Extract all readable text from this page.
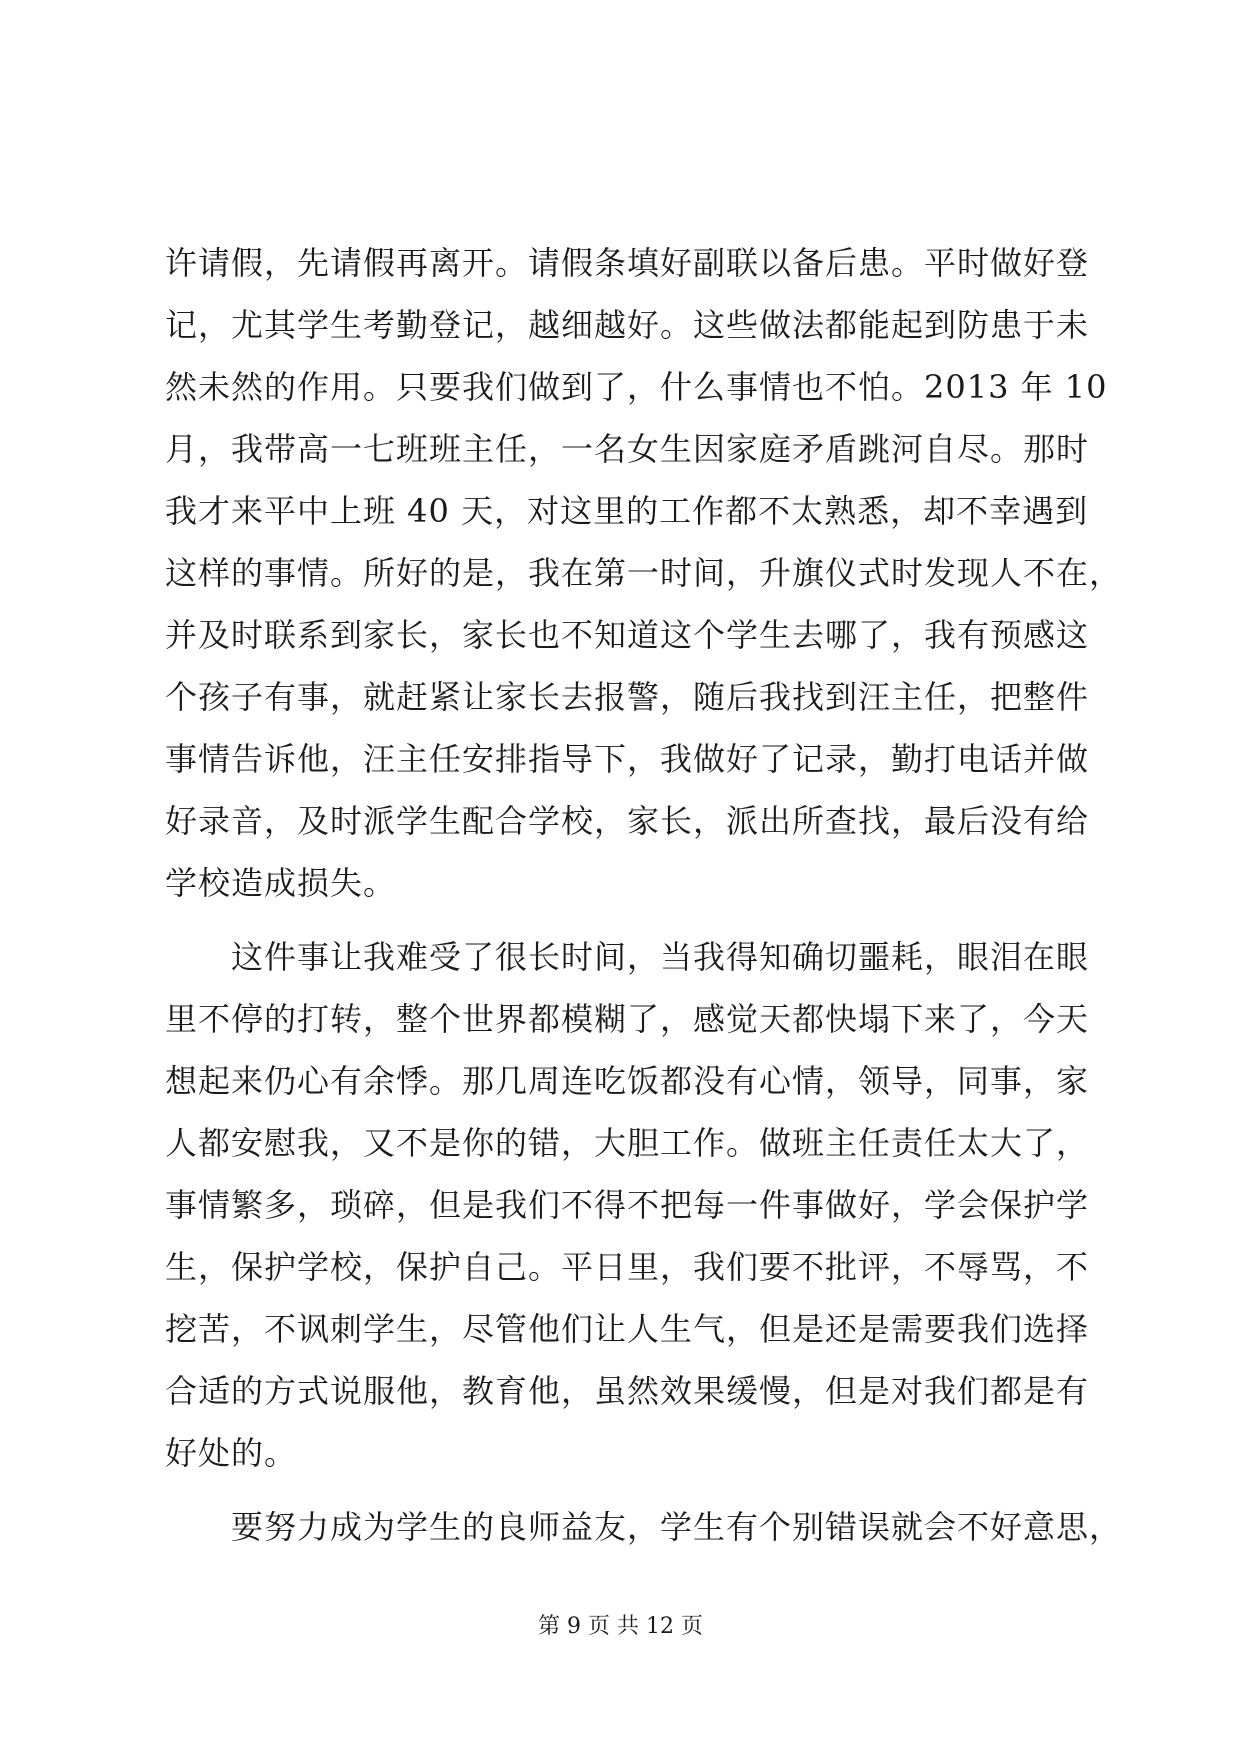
许请假，先请假再离开。请假条填好副联以备后患。平时做好登
记，尤其学生考勤登记，越细越好。这些做法都能起到防患于未
然未然的作用。只要我们做到了，什么事情也不怕。2013 年 10
月，我带高一七班班主任，一名女生因家庭矛盾跳河自尽。那时
我才来平中上班 40 天，对这里的工作都不太熟悉，却不幸遇到
这样的事情。所好的是，我在第一时间，升旗仪式时发现人不在，
并及时联系到家长，家长也不知道这个学生去哪了，我有预感这
个孩子有事，就赶紧让家长去报警，随后我找到汪主任，把整件
事情告诉他，汪主任安排指导下，我做好了记录，勤打电话并做
好录音，及时派学生配合学校，家长，派出所查找，最后没有给
学校造成损失。
　　这件事让我难受了很长时间，当我得知确切噩耗，眼泪在眼
里不停的打转，整个世界都模糊了，感觉天都快塌下来了，今天
想起来仍心有余悸。那几周连吃饭都没有心情，领导，同事，家
人都安慰我，又不是你的错，大胆工作。做班主任责任太大了，
事情繁多，琐碎，但是我们不得不把每一件事做好，学会保护学
生，保护学校，保护自己。平日里，我们要不批评，不辱骂，不
挖苦，不讽刺学生，尽管他们让人生气，但是还是需要我们选择
合适的方式说服他，教育他，虽然效果缓慢，但是对我们都是有
好处的。
　　要努力成为学生的良师益友，学生有个别错误就会不好意思，
第 9 页 共 12 页
